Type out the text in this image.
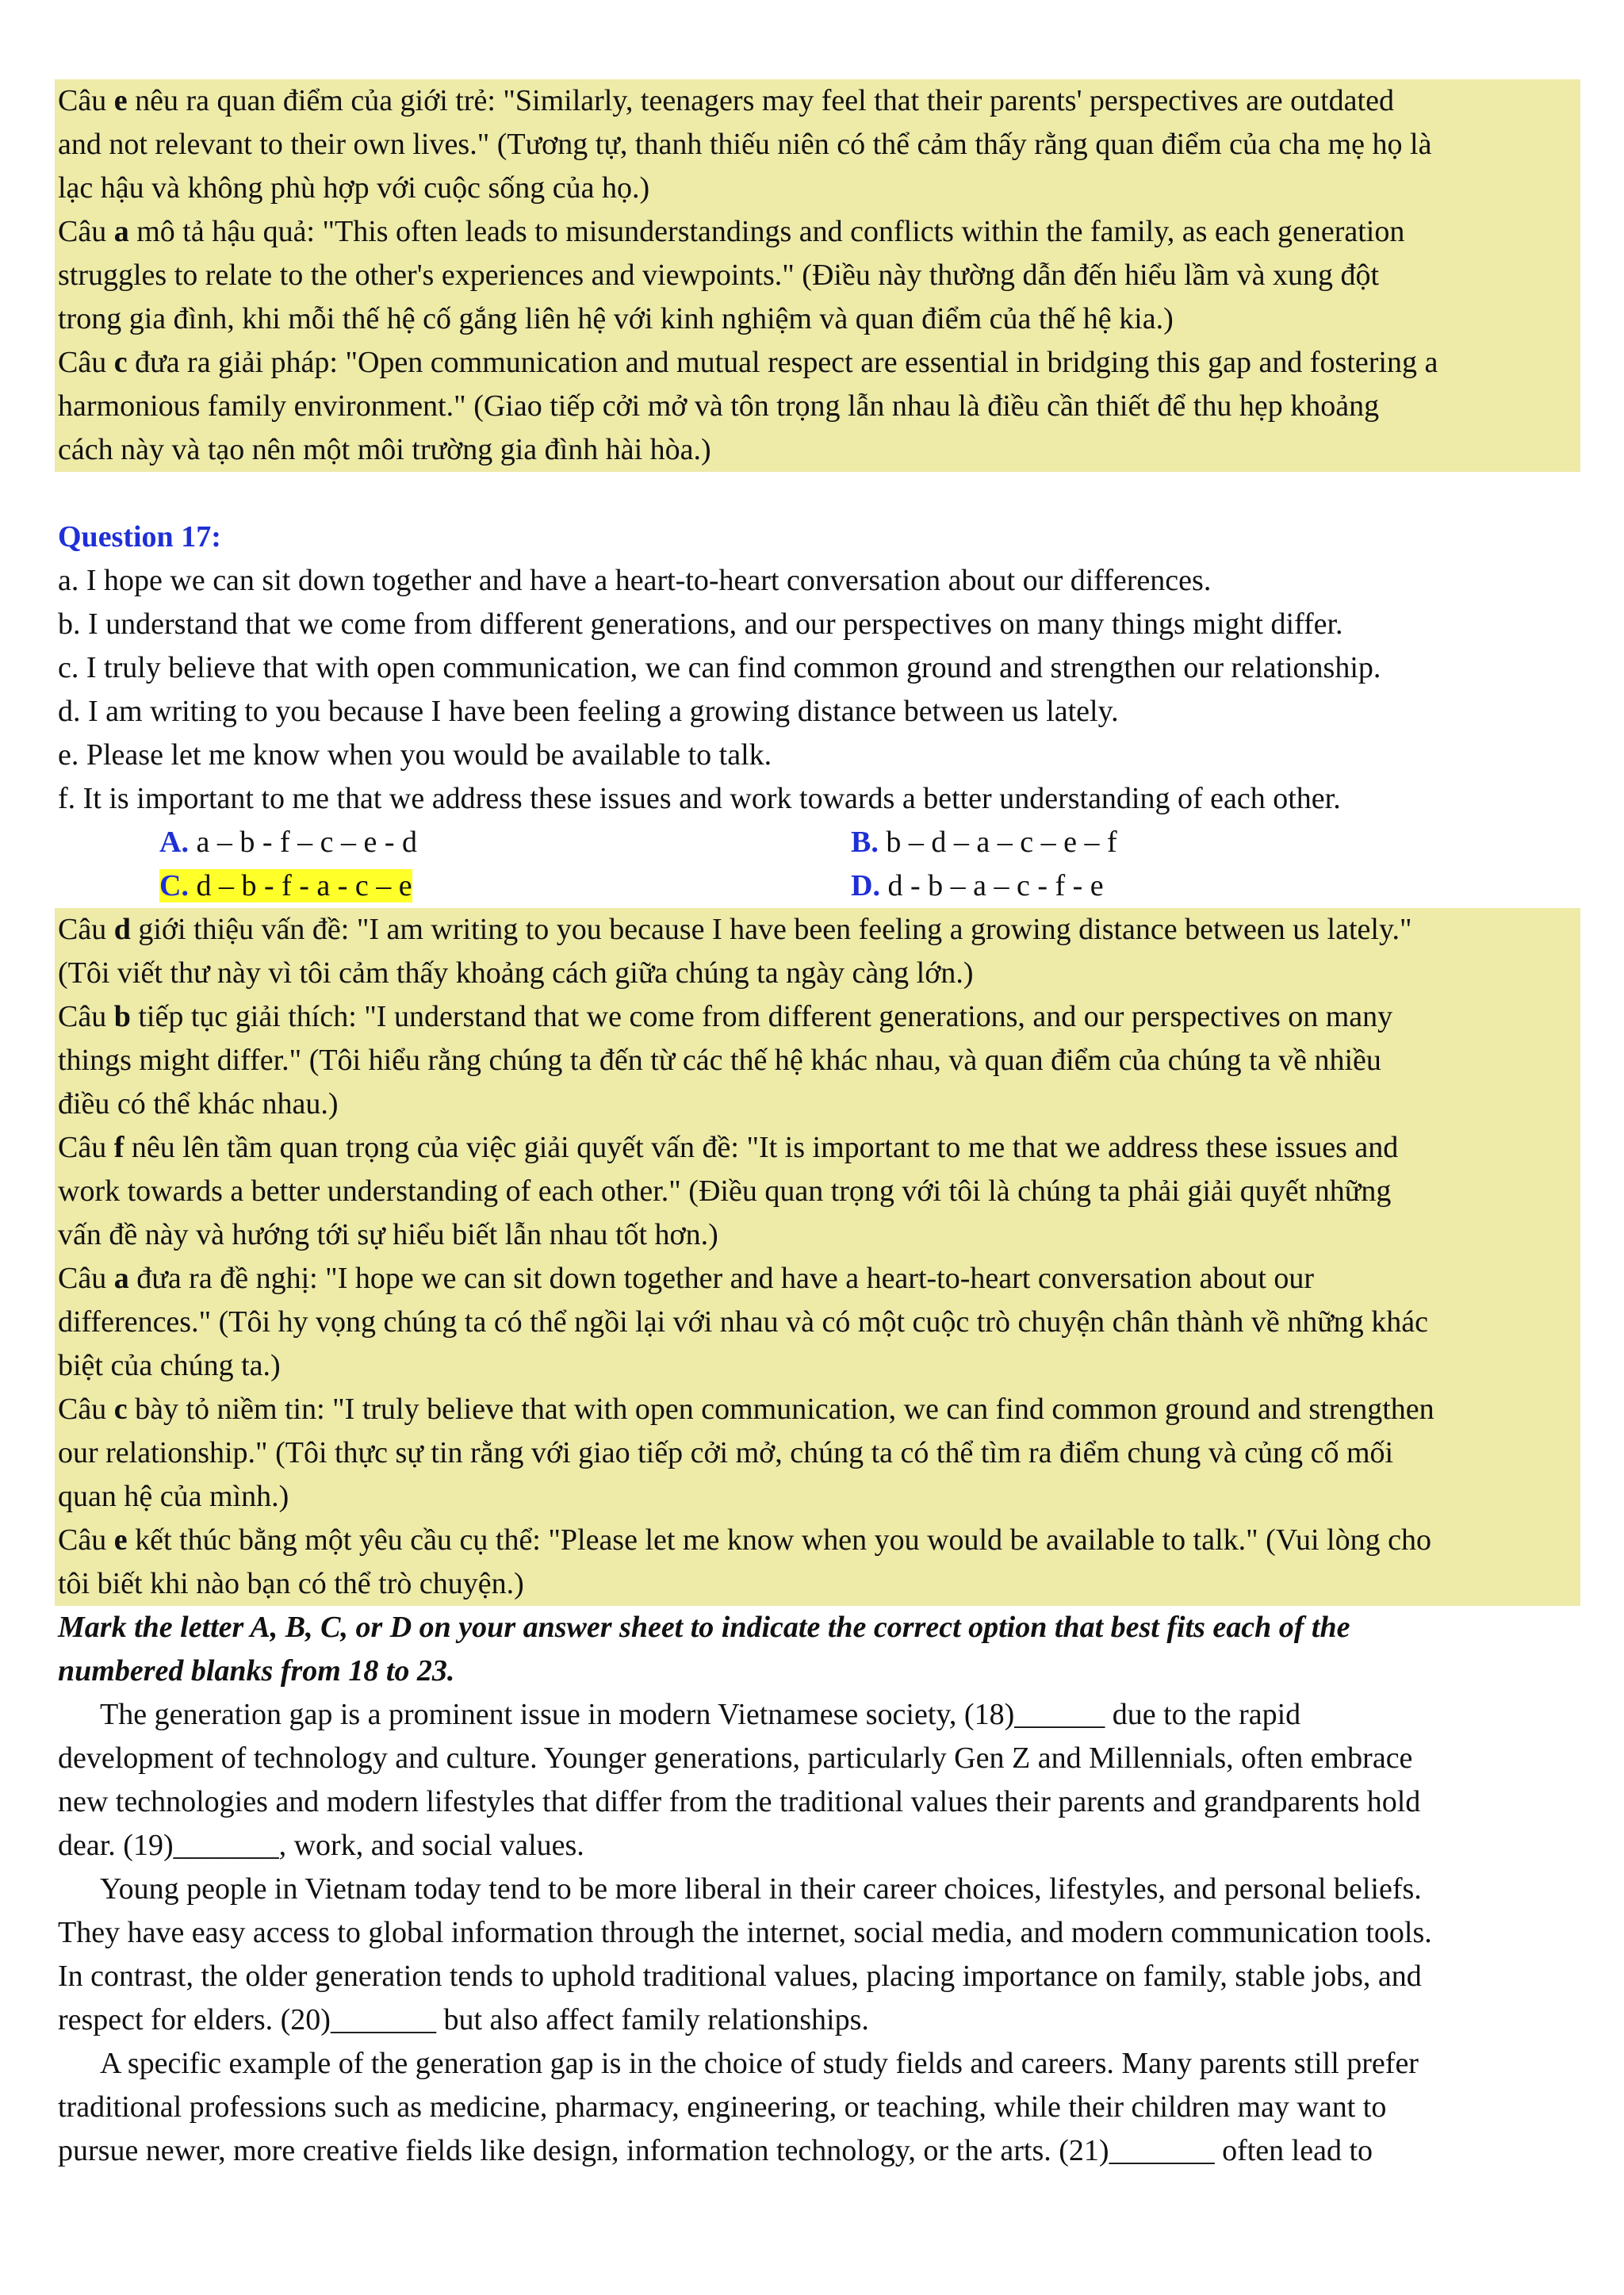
Câu e nêu ra quan điểm của giới trẻ: "Similarly, teenagers may feel that their parents' perspectives are outdated
and not relevant to their own lives." (Tương tự, thanh thiếu niên có thể cảm thấy rằng quan điểm của cha mẹ họ là
lạc hậu và không phù hợp với cuộc sống của họ.)
Câu a mô tả hậu quả: "This often leads to misunderstandings and conflicts within the family, as each generation
struggles to relate to the other's experiences and viewpoints." (Điều này thường dẫn đến hiểu lầm và xung đột
trong gia đình, khi mỗi thế hệ cố gắng liên hệ với kinh nghiệm và quan điểm của thế hệ kia.)
Câu c đưa ra giải pháp: "Open communication and mutual respect are essential in bridging this gap and fostering a
harmonious family environment." (Giao tiếp cởi mở và tôn trọng lẫn nhau là điều cần thiết để thu hẹp khoảng
cách này và tạo nên một môi trường gia đình hài hòa.)
Question 17:
a. I hope we can sit down together and have a heart-to-heart conversation about our differences.
b. I understand that we come from different generations, and our perspectives on many things might differ.
c. I truly believe that with open communication, we can find common ground and strengthen our relationship.
d. I am writing to you because I have been feeling a growing distance between us lately.
e. Please let me know when you would be available to talk.
f. It is important to me that we address these issues and work towards a better understanding of each other.
A. a – b - f – c – e - d	B. b – d – a – c – e – f
C. d – b - f - a - c – e	D. d - b – a – c - f - e
Câu d giới thiệu vấn đề: "I am writing to you because I have been feeling a growing distance between us lately."
(Tôi viết thư này vì tôi cảm thấy khoảng cách giữa chúng ta ngày càng lớn.)
Câu b tiếp tục giải thích: "I understand that we come from different generations, and our perspectives on many
things might differ." (Tôi hiểu rằng chúng ta đến từ các thế hệ khác nhau, và quan điểm của chúng ta về nhiều
điều có thể khác nhau.)
Câu f nêu lên tầm quan trọng của việc giải quyết vấn đề: "It is important to me that we address these issues and
work towards a better understanding of each other." (Điều quan trọng với tôi là chúng ta phải giải quyết những
vấn đề này và hướng tới sự hiểu biết lẫn nhau tốt hơn.)
Câu a đưa ra đề nghị: "I hope we can sit down together and have a heart-to-heart conversation about our
differences." (Tôi hy vọng chúng ta có thể ngồi lại với nhau và có một cuộc trò chuyện chân thành về những khác
biệt của chúng ta.)
Câu c bày tỏ niềm tin: "I truly believe that with open communication, we can find common ground and strengthen
our relationship." (Tôi thực sự tin rằng với giao tiếp cởi mở, chúng ta có thể tìm ra điểm chung và củng cố mối
quan hệ của mình.)
Câu e kết thúc bằng một yêu cầu cụ thể: "Please let me know when you would be available to talk." (Vui lòng cho
tôi biết khi nào bạn có thể trò chuyện.)
Mark the letter A, B, C, or D on your answer sheet to indicate the correct option that best fits each of the
numbered blanks from 18 to 23.
The generation gap is a prominent issue in modern Vietnamese society, (18)______ due to the rapid
development of technology and culture. Younger generations, particularly Gen Z and Millennials, often embrace
new technologies and modern lifestyles that differ from the traditional values their parents and grandparents hold
dear. (19)_______, work, and social values.
Young people in Vietnam today tend to be more liberal in their career choices, lifestyles, and personal beliefs.
They have easy access to global information through the internet, social media, and modern communication tools.
In contrast, the older generation tends to uphold traditional values, placing importance on family, stable jobs, and
respect for elders. (20)_______ but also affect family relationships.
A specific example of the generation gap is in the choice of study fields and careers. Many parents still prefer
traditional professions such as medicine, pharmacy, engineering, or teaching, while their children may want to
pursue newer, more creative fields like design, information technology, or the arts. (21)_______ often lead to
